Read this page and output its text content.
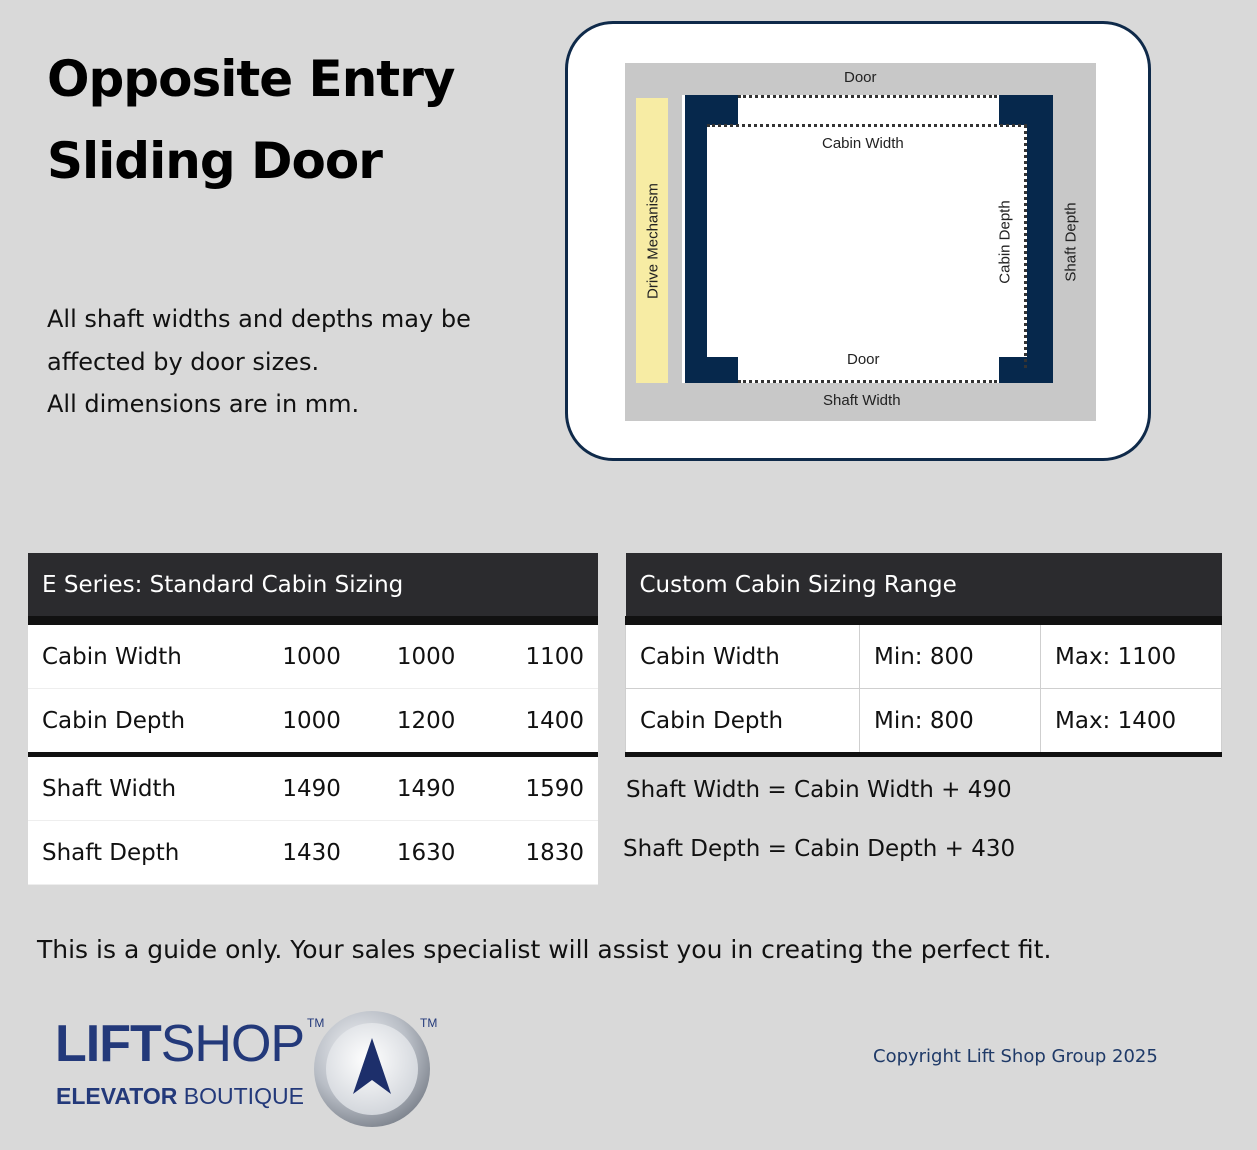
Opposite Entry
Sliding Door
All shaft widths and depths may be
affected by door sizes.
All dimensions are in mm.
Drive Mechanism
Door
Cabin Width
Door
Shaft Width
Cabin Depth	Shaft Depth
E Series: Standard Cabin Sizing			
Cabin Width	1000	1000	1100
Cabin Depth	1000	1200	1400
Shaft Width	1490	1490	1590
Shaft Depth	1430	1630	1830
Custom Cabin Sizing Range		
Cabin Width	Min: 800	Max: 1100
Cabin Depth	Min: 800	Max: 1400
Shaft Width = Cabin Width + 490
Shaft Depth = Cabin Depth + 430
This is a guide only. Your sales specialist will assist you in creating the perfect fit.
LIFTSHOP TM	TM
ELEVATOR BOUTIQUE
Copyright Lift Shop Group 2025
